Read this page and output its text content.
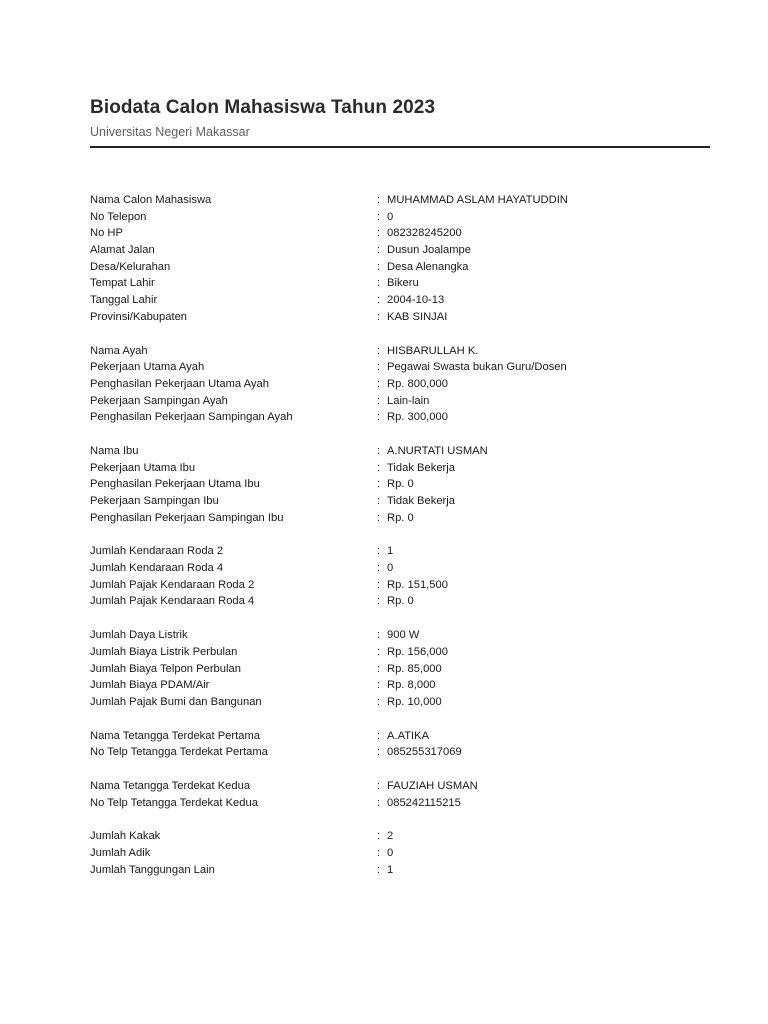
Biodata Calon Mahasiswa Tahun 2023
Universitas Negeri Makassar
Nama Calon Mahasiswa	: MUHAMMAD ASLAM HAYATUDDIN
No Telepon	: 0
No HP	: 082328245200
Alamat Jalan	: Dusun Joalampe
Desa/Kelurahan	: Desa Alenangka
Tempat Lahir	: Bikeru
Tanggal Lahir	: 2004-10-13
Provinsi/Kabupaten	: KAB SINJAI
Nama Ayah	: HISBARULLAH K.
Pekerjaan Utama Ayah	: Pegawai Swasta bukan Guru/Dosen
Penghasilan Pekerjaan Utama Ayah	: Rp. 800,000
Pekerjaan Sampingan Ayah	: Lain-lain
Penghasilan Pekerjaan Sampingan Ayah	: Rp. 300,000
Nama Ibu	: A.NURTATI USMAN
Pekerjaan Utama Ibu	: Tidak Bekerja
Penghasilan Pekerjaan Utama Ibu	: Rp. 0
Pekerjaan Sampingan Ibu	: Tidak Bekerja
Penghasilan Pekerjaan Sampingan Ibu	: Rp. 0
Jumlah Kendaraan Roda 2	: 1
Jumlah Kendaraan Roda 4	: 0
Jumlah Pajak Kendaraan Roda 2	: Rp. 151,500
Jumlah Pajak Kendaraan Roda 4	: Rp. 0
Jumlah Daya Listrik	: 900 W
Jumlah Biaya Listrik Perbulan	: Rp. 156,000
Jumlah Biaya Telpon Perbulan	: Rp. 85,000
Jumlah Biaya PDAM/Air	: Rp. 8,000
Jumlah Pajak Bumi dan Bangunan	: Rp. 10,000
Nama Tetangga Terdekat Pertama	: A.ATIKA
No Telp Tetangga Terdekat Pertama	: 085255317069
Nama Tetangga Terdekat Kedua	: FAUZIAH USMAN
No Telp Tetangga Terdekat Kedua	: 085242115215
Jumlah Kakak	: 2
Jumlah Adik	: 0
Jumlah Tanggungan Lain	: 1
